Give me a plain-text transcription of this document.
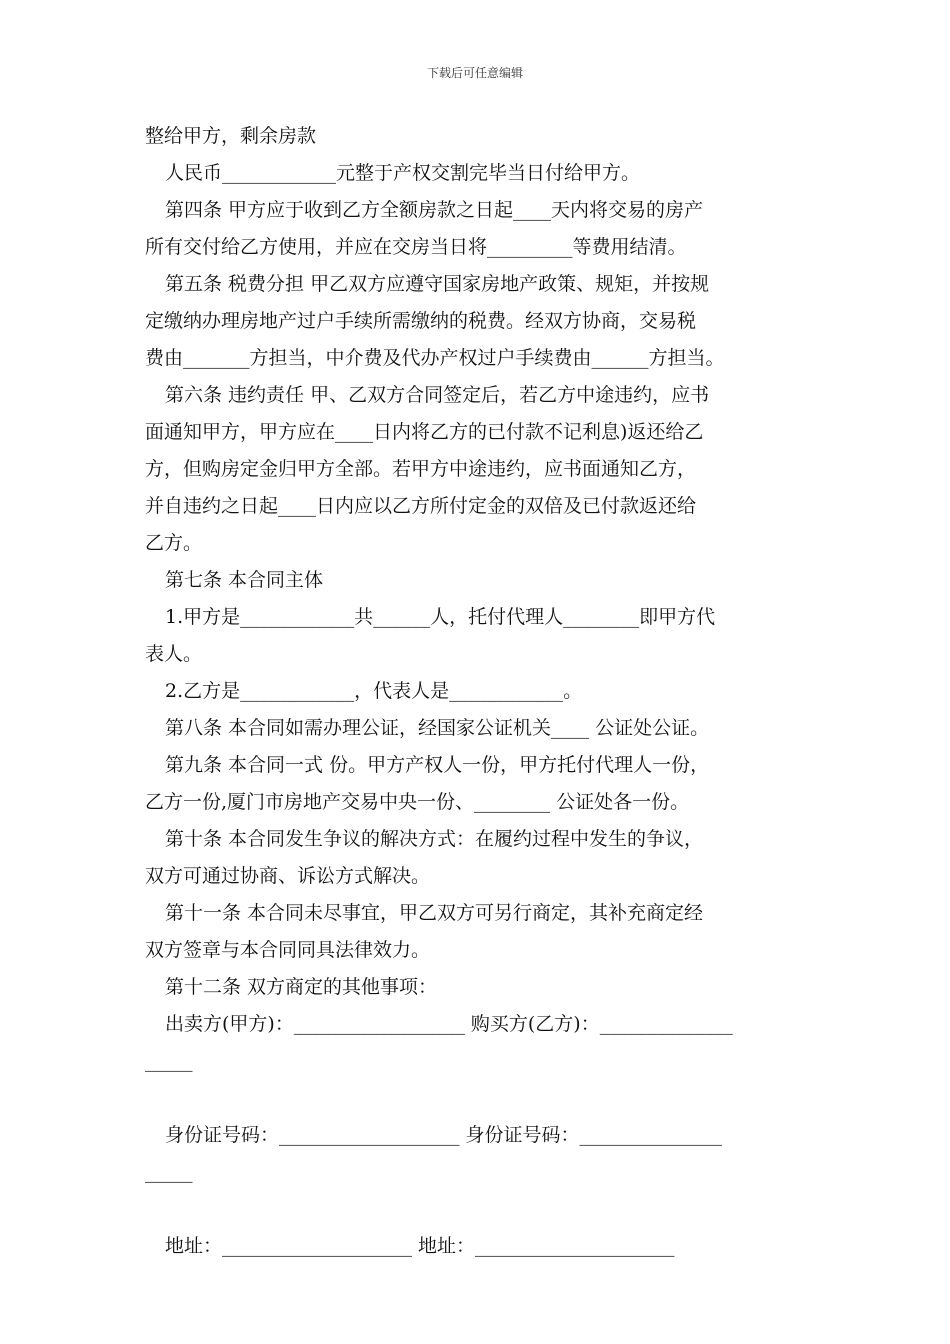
下载后可任意编辑
整给甲方，剩余房款
人民币____________元整于产权交割完毕当日付给甲方。
第四条 甲方应于收到乙方全额房款之日起____天内将交易的房产
所有交付给乙方使用，并应在交房当日将_________等费用结清。
第五条 税费分担 甲乙双方应遵守国家房地产政策、规矩，并按规
定缴纳办理房地产过户手续所需缴纳的税费。经双方协商，交易税
费由_______方担当，中介费及代办产权过户手续费由______方担当。
第六条 违约责任 甲、乙双方合同签定后，若乙方中途违约，应书
面通知甲方，甲方应在____日内将乙方的已付款不记利息)返还给乙
方，但购房定金归甲方全部。若甲方中途违约，应书面通知乙方，
并自违约之日起____日内应以乙方所付定金的双倍及已付款返还给
乙方。
第七条 本合同主体
1.甲方是____________共______人，托付代理人________即甲方代
表人。
2.乙方是____________，代表人是____________。
第八条 本合同如需办理公证，经国家公证机关____ 公证处公证。
第九条 本合同一式 份。甲方产权人一份，甲方托付代理人一份，
乙方一份,厦门市房地产交易中央一份、________ 公证处各一份。
第十条 本合同发生争议的解决方式：在履约过程中发生的争议，
双方可通过协商、诉讼方式解决。
第十一条 本合同未尽事宜，甲乙双方可另行商定，其补充商定经
双方签章与本合同同具法律效力。
第十二条 双方商定的其他事项：
出卖方(甲方)：__________________ 购买方(乙方)：______________
_____
身份证号码：___________________ 身份证号码：_______________
_____
地址：____________________ 地址：_____________________
